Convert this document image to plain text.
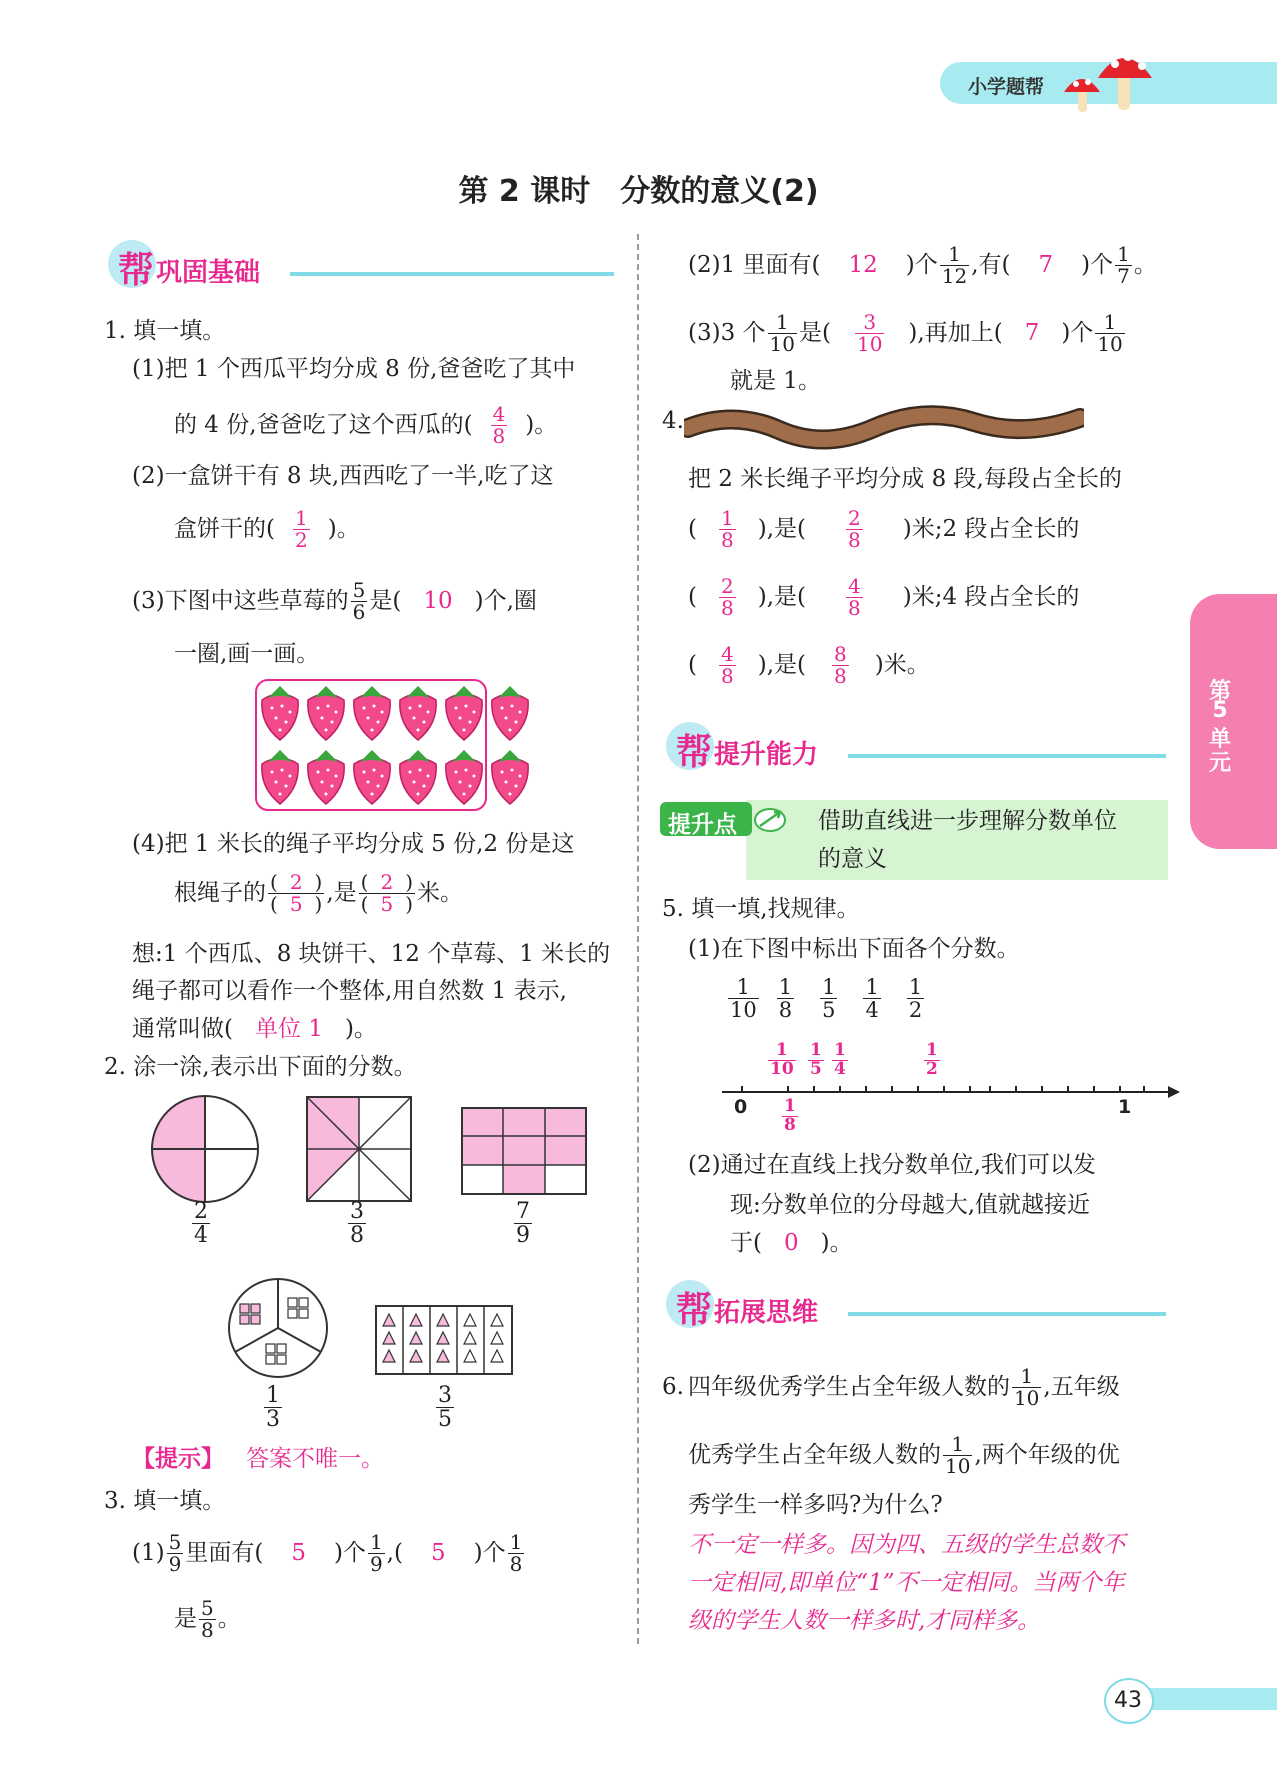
小学题帮
第 2 课时　分数的意义(2)
帮 巩固基础
1. 填一填。
(1)把 1 个西瓜平均分成 8 份,爸爸吃了其中
的 4 份,爸爸吃了这个西瓜的( $\frac{4}{8}$ )。
(2)一盒饼干有 8 块,西西吃了一半,吃了这
盒饼干的( $\frac{1}{2}$ )。
(3)下图中这些草莓的 $\frac{5}{6}$ 是( 10 )个,圈
一圈,画一画。
(4)把 1 米长的绳子平均分成 5 份,2 份是这
根绳子的 $\frac{( 2 )}{( 5 )}$ ,是 $\frac{( 2 )}{( 5 )}$ 米。
想:1 个西瓜、8 块饼干、12 个草莓、1 米长的
绳子都可以看作一个整体,用自然数 1 表示,
通常叫做( 单位 1 )。
2. 涂一涂,表示出下面的分数。
$\frac{2}{4}$	$\frac{3}{8}$	$\frac{7}{9}$
$\frac{1}{3}$	$\frac{3}{5}$
【提示】 答案不唯一。
3. 填一填。
$(1) \frac{5}{9}$ 里面有( 5 )个 $\frac{1}{9}$ ,( 5 )个 $\frac{1}{8}$
是 $\frac{5}{8}$ 。
(2)1 里面有( 12 )个 $\frac{1}{12}$ ,有( 7 )个 $\frac{1}{7}$ 。
(3)3 个 $\frac{1}{10}$ 是( $\frac{3}{10}$ ),再加上( 7 )个 $\frac{1}{10}$
就是 1。
4.
把 2 米长绳子平均分成 8 段,每段占全长的
( $\frac{1}{8}$ ),是( $\frac{2}{8}$ )米;2 段占全长的
( $\frac{2}{8}$ ),是( $\frac{4}{8}$ )米;4 段占全长的
( $\frac{4}{8}$ ),是( $\frac{8}{8}$ )米。
帮 提升能力
提升点	借助直线进一步理解分数单位
的意义
5. 填一填,找规律。
(1)在下图中标出下面各个分数。
$\frac{1}{10} \frac{1}{8} \frac{1}{5} \frac{1}{4} \frac{1}{2}$
0	1
$\frac{1}{10} \frac{1}{5} \frac{1}{4}$	$\frac{1}{2}$
$\frac{1}{8}$
(2)通过在直线上找分数单位,我们可以发
现:分数单位的分母越大,值就越接近
于( 0 )。
帮 拓展思维
6. 四年级优秀学生占全年级人数的 $\frac{1}{10}$ ,五年级
优秀学生占全年级人数的 $\frac{1}{10}$ ,两个年级的优
秀学生一样多吗?为什么?
不一定一样多。因为四、五级的学生总数不
一定相同,即单位“1”不一定相同。当两个年
级的学生人数一样多时,才同样多。
第
5
单
元
43
